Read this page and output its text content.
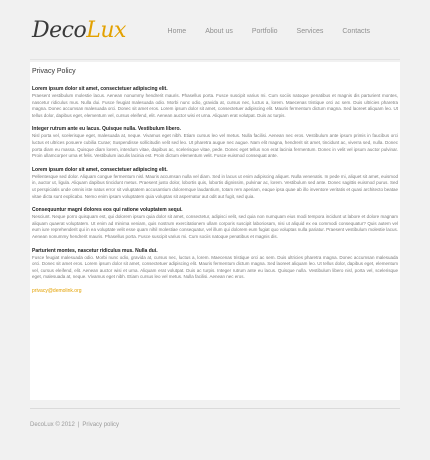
DecoLux	Home	About us	Portfolio	Services	Contacts
Privacy Policy
Lorem ipsum dolor sit amet, consectetuer adipiscing elit.

Praesent vestibulum molestie lacus. Aenean nonummy hendrerit mauris. Phasellus porta. Fusce suscipit varius mi. Cum sociis natoque penatibus et magnis dis parturient montes, nascetur ridiculus mus. Nulla dui. Fusce feugiat malesuada odio. Morbi nunc odio, gravida at, cursus nec, luctus a, lorem. Maecenas tristique orci ac sem. Duis ultricies pharetra magna. Donec accumsan malesuada orci. Donec sit amet eros. Lorem ipsum dolor sit amet, consectetuer adipiscing elit. Mauris fermentum dictum magna. Sed laoreet aliquam leo. Ut tellus dolor, dapibus eget, elementum vel, cursus eleifend, elit. Aenean auctor wisi et urna. Aliquam erat volutpat. Duis ac turpis.

Integer rutrum ante eu lacus. Quisque nulla. Vestibulum libero.

Nisl porta vel, scelerisque eget, malesuada at, neque. Vivamus eget nibh. Etiam cursus leo vel metus. Nulla facilisi. Aenean nec eros. Vestibulum ante ipsum primis in faucibus orci luctus et ultrices posuere cubilia Curae; Suspendisse sollicitudin velit sed leo. Ut pharetra augue nec augue. Nam elit magna, hendrerit sit amet, tincidunt ac, viverra sed, nulla. Donec porta diam eu massa. Quisque diam lorem, interdum vitae, dapibus ac, scelerisque vitae, pede. Donec eget tellus non erat lacinia fermentum. Donec in velit vel ipsum auctor pulvinar. Proin ullamcorper urna et felis. Vestibulum iaculis lacinia est. Proin dictum elementum velit. Fusce euismod consequat ante.

Lorem ipsum dolor sit amet, consectetuer adipiscing elit.

Pellentesque sed dolor. Aliquam congue fermentum nisl. Mauris accumsan nulla vel diam. Sed in lacus ut enim adipiscing aliquet. Nulla venenatis. In pede mi, aliquet sit amet, euismod in, auctor ut, ligula. Aliquam dapibus tincidunt metus. Praesent justo dolor, lobortis quis, lobortis dignissim, pulvinar ac, lorem. Vestibulum sed ante. Donec sagittis euismod purus. Sed ut perspiciatis unde omnis iste natus error sit voluptatem accusantium doloremque laudantium, totam rem aperiam, eaque ipsa quae ab illo inventore veritatis et quasi architecto beatae vitae dicta sunt explicabo. Nemo enim ipsam voluptatem quia voluptas sit aspernatur aut odit aut fugit, sed quia.

Consequuntur magni dolores eos qui ratione voluptatem sequi.

Nesciunt. Neque porro quisquam est, qui dolorem ipsum quia dolor sit amet, consectetur, adipisci velit, sed quia non numquam eius modi tempora incidunt ut labore et dolore magnam aliquam quaerat voluptatem. Ut enim ad minima veniam, quis nostrum exercitationem ullam corporis suscipit laboriosam, nisi ut aliquid ex ea commodi consequatur? Quis autem vel eum iure reprehenderit qui in ea voluptate velit esse quam nihil molestiae consequatur, vel illum qui dolorem eum fugiat quo voluptas nulla pariatur. Praesent vestibulum molestie lacus. Aenean nonummy hendrerit mauris. Phasellus porta. Fusce suscipit varius mi. Cum sociis natoque penatibus et magnis dis.

Parturient montes, nascetur ridiculus mus. Nulla dui.

Fusce feugiat malesuada odio. Morbi nunc odio, gravida at, cursus nec, luctus a, lorem. Maecenas tristique orci ac sem. Duis ultricies pharetra magna. Donec accumsan malesuada orci. Donec sit amet eros. Lorem ipsum dolor sit amet, consectetuer adipiscing elit. Mauris fermentum dictum magna. Sed laoreet aliquam leo. Ut tellus dolor, dapibus eget, elementum vel, cursus eleifend, elit. Aenean auctor wisi et urna. Aliquam erat volutpat. Duis ac turpis. Integer rutrum ante eu lacus. Quisque nulla. Vestibulum libero nisl, porta vel, scelerisque eget, malesuada at, neque. Vivamus eget nibh. Etiam cursus leo vel metus. Nulla facilisi. Aenean nec eros.

privacy@demolink.org
DecoLux © 2012 | Privacy policy
